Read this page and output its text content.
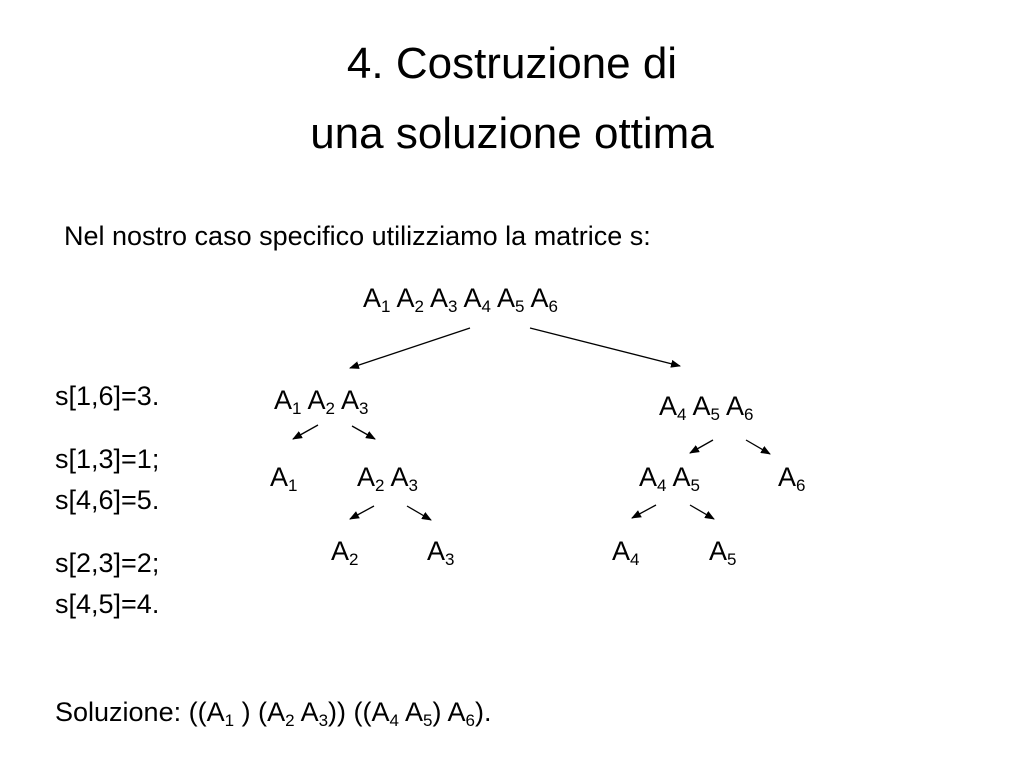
4. Costruzione di
una soluzione ottima
Nel nostro caso specifico utilizziamo la matrice s:
s[1,6]=3.
s[1,3]=1;
s[4,6]=5.
s[2,3]=2;
s[4,5]=4.
$A_1$ $A_2$ $A_3$ $A_4$ $A_5$ $A_6$
$A_1$ $A_2$ $A_3$	$A_4$ $A_5$ $A_6$
$A_1$ $A_2$ $A_3$	$A_4$ $A_5$	$A_6$
$A_2$	$A_3$	$A_4$	$A_5$
Soluzione: (($A_1$ ) ($A_2$ $A_3$)) (($A_4$ $A_5$) $A_6$).
